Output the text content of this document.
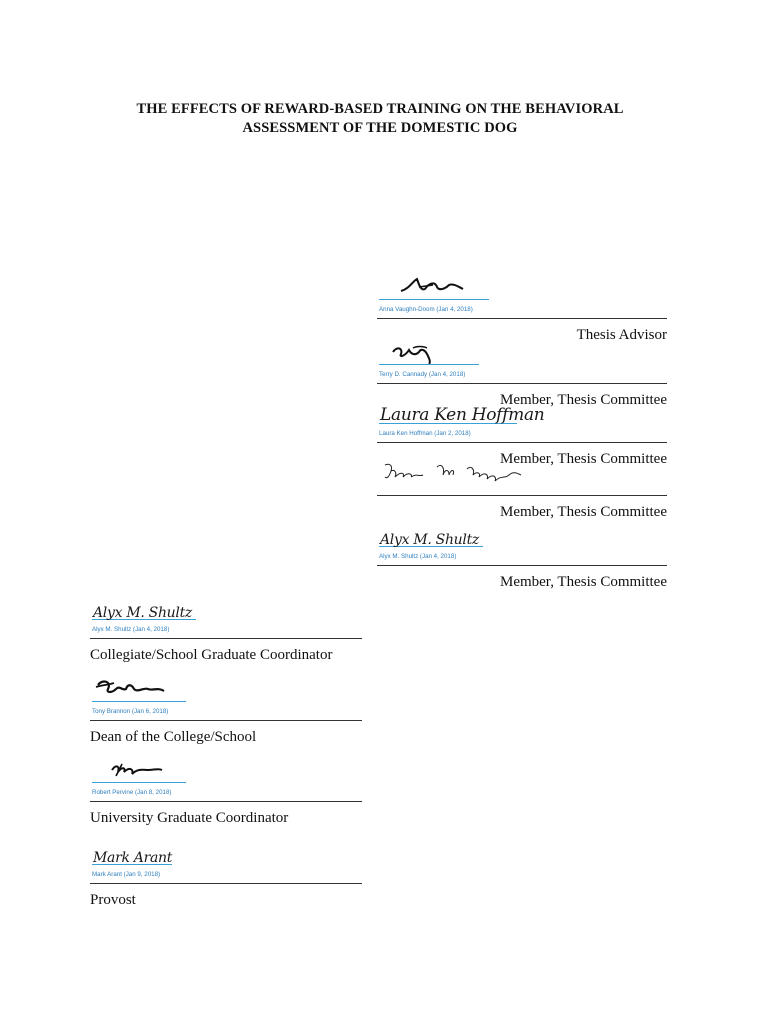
THE EFFECTS OF REWARD-BASED TRAINING ON THE BEHAVIORAL
ASSESSMENT OF THE DOMESTIC DOG
Anna Vaughn-Doom (Jan 4, 2018)
Thesis Advisor
Terry D. Cannady (Jan 4, 2018)
Member, Thesis Committee
Laura Ken Hoffman
Laura Ken Hoffman (Jan 2, 2018)
Member, Thesis Committee
Member, Thesis Committee
Alyx M. Shultz
Alyx M. Shultz (Jan 4, 2018)
Member, Thesis Committee
Alyx M. Shultz
Alyx M. Shultz (Jan 4, 2018)
Collegiate/School Graduate Coordinator
Tony Brannon (Jan 6, 2018)
Dean of the College/School
Robert Pervine (Jan 8, 2018)
University Graduate Coordinator
Mark Arant
Mark Arant (Jan 9, 2018)
Provost
